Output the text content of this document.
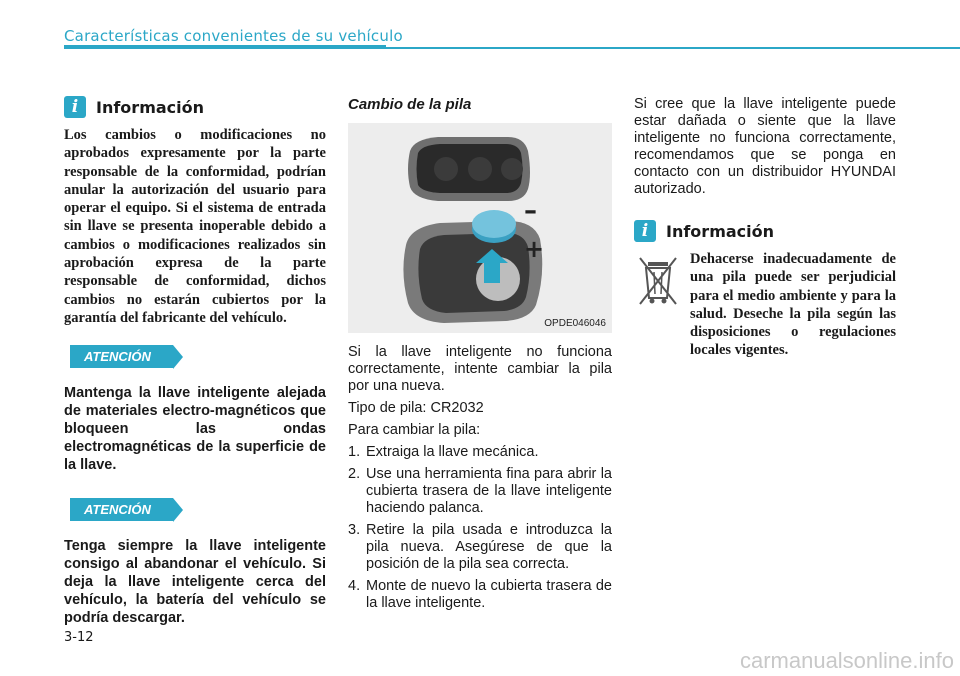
Características convenientes de su vehículo
i	Información

Los cambios o modificaciones no aprobados expresamente por la parte responsable de la conformidad, podrían anular la autorización del usuario para operar el equipo. Si el sistema de entrada sin llave se presenta inoperable debido a cambios o modificaciones realizados sin aprobación expresa de la parte responsable de conformidad, dichos cambios no estarán cubiertos por la garantía del fabricante del vehículo.

ATENCIÓN

Mantenga la llave inteligente alejada de materiales electro-magnéticos que bloqueen las ondas electromagnéticas de la superficie de la llave.

ATENCIÓN

Tenga siempre la llave inteligente consigo al abandonar el vehículo. Si deja la llave inteligente cerca del vehículo, la batería del vehículo se podría descargar.

Cambio de la pila

–
+
OPDE046046

Si la llave inteligente no funciona correctamente, intente cambiar la pila por una nueva.

Tipo de pila: CR2032

Para cambiar la pila:

1. Extraiga la llave mecánica.
2. Use una herramienta fina para abrir la cubierta trasera de la llave inteligente haciendo palanca.
3. Retire la pila usada e introduzca la pila nueva. Asegúrese de que la posición de la pila sea correcta.
4. Monte de nuevo la cubierta trasera de la llave inteligente.

Si cree que la llave inteligente puede estar dañada o siente que la llave inteligente no funciona correctamente, recomendamos que se ponga en contacto con un distribuidor HYUNDAI autorizado.

i	Información

Dehacerse inadecuadamente de una pila puede ser perjudicial para el medio ambiente y para la salud. Deseche la pila según las disposiciones o regulaciones locales vigentes.

3-12
carmanualsonline.info
